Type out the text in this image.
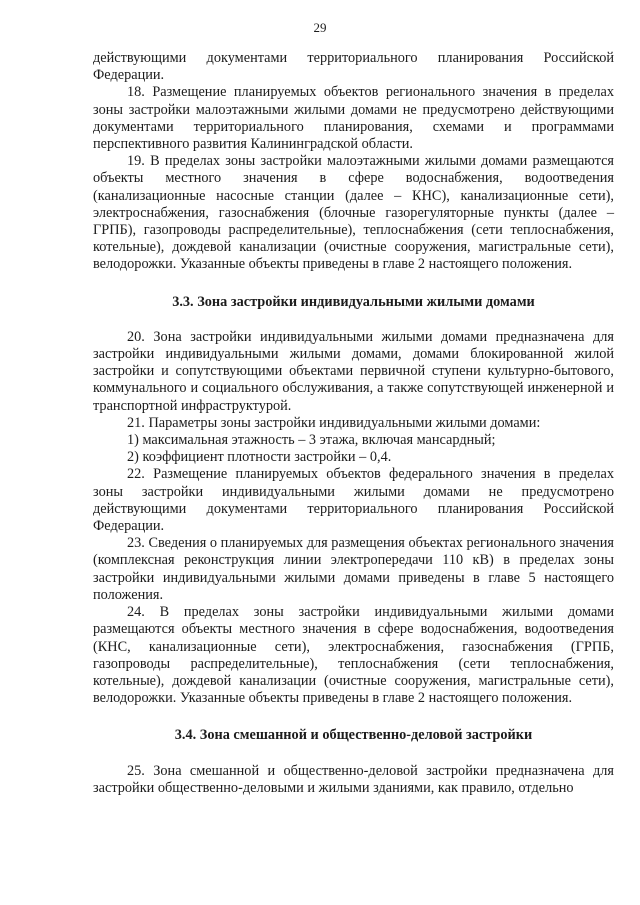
29

действующими документами территориального планирования Российской Федерации.

18. Размещение планируемых объектов регионального значения в пределах зоны застройки малоэтажными жилыми домами не предусмотрено действующими документами территориального планирования, схемами и программами перспективного развития Калининградской области.

19. В пределах зоны застройки малоэтажными жилыми домами размещаются объекты местного значения в сфере водоснабжения, водоотведения (канализационные насосные станции (далее – КНС), канализационные сети), электроснабжения, газоснабжения (блочные газорегуляторные пункты (далее – ГРПБ), газопроводы распределительные), теплоснабжения (сети теплоснабжения, котельные), дождевой канализации (очистные сооружения, магистральные сети), велодорожки. Указанные объекты приведены в главе 2 настоящего положения.

3.3. Зона застройки индивидуальными жилыми домами

20. Зона застройки индивидуальными жилыми домами предназначена для застройки индивидуальными жилыми домами, домами блокированной жилой застройки и сопутствующими объектами первичной ступени культурно-бытового, коммунального и социального обслуживания, а также сопутствующей инженерной и транспортной инфраструктурой.

21. Параметры зоны застройки индивидуальными жилыми домами:

1) максимальная этажность – 3 этажа, включая мансардный;

2) коэффициент плотности застройки – 0,4.

22. Размещение планируемых объектов федерального значения в пределах зоны застройки индивидуальными жилыми домами не предусмотрено действующими документами территориального планирования Российской Федерации.

23. Сведения о планируемых для размещения объектах регионального значения (комплексная реконструкция линии электропередачи 110 кВ) в пределах зоны застройки индивидуальными жилыми домами приведены в главе 5 настоящего положения.

24. В пределах зоны застройки индивидуальными жилыми домами размещаются объекты местного значения в сфере водоснабжения, водоотведения (КНС, канализационные сети), электроснабжения, газоснабжения (ГРПБ, газопроводы распределительные), теплоснабжения (сети теплоснабжения, котельные), дождевой канализации (очистные сооружения, магистральные сети), велодорожки. Указанные объекты приведены в главе 2 настоящего положения.

3.4. Зона смешанной и общественно-деловой застройки

25. Зона смешанной и общественно-деловой застройки предназначена для застройки общественно-деловыми и жилыми зданиями, как правило, отдельно
